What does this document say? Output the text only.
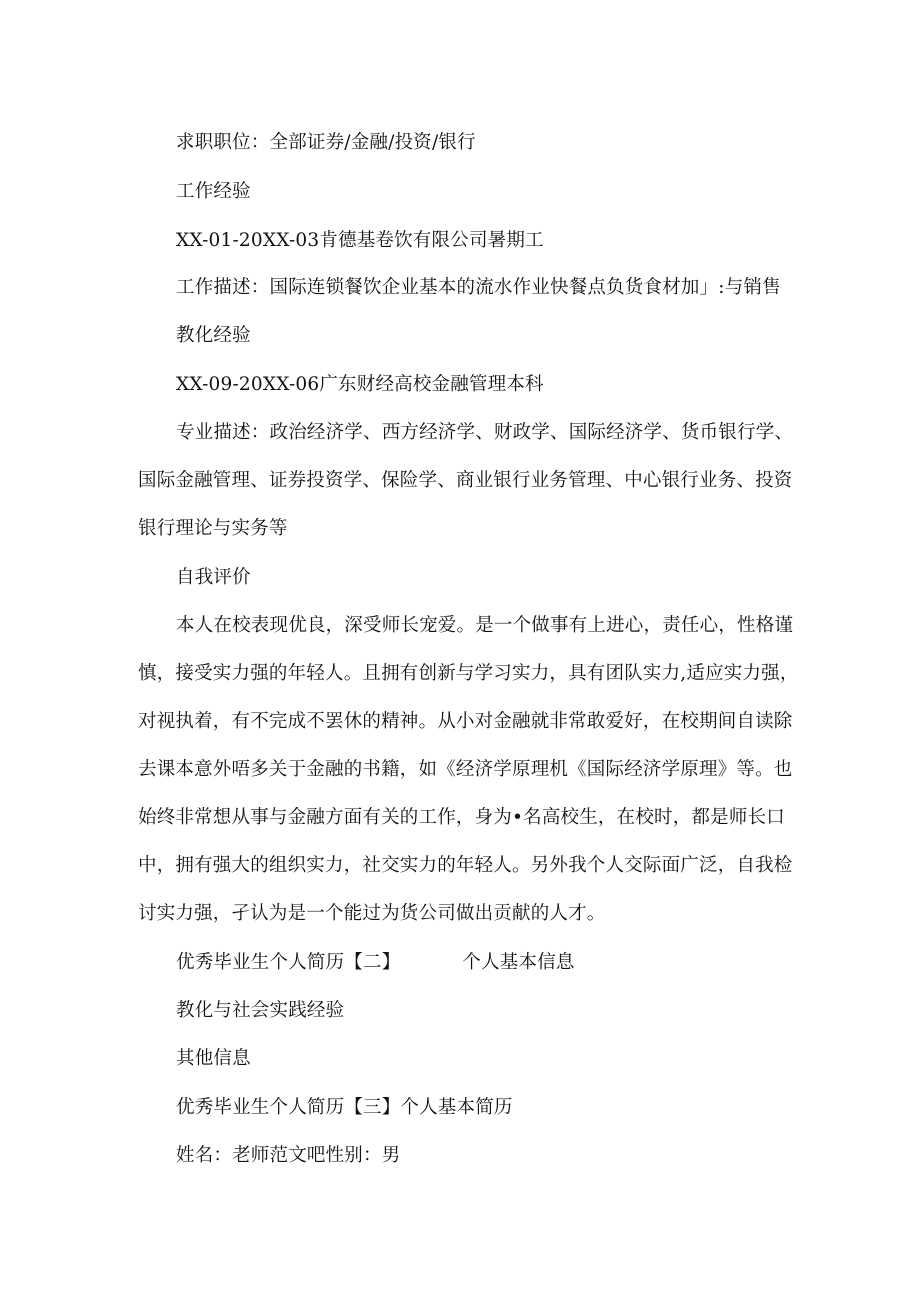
求职职位：全部证券/金融/投资/银行
工作经验
XX-01-20XX-03肯德基卷饮有限公司暑期工
工作描述：国际连锁餐饮企业基本的流水作业快餐点负货食材加」:与销售
教化经验
XX-09-20XX-06广东财经高校金融管理本科
专业描述：政治经济学、西方经济学、财政学、国际经济学、货币银行学、
国际金融管理、证券投资学、保险学、商业银行业务管理、中心银行业务、投资
银行理论与实务等
自我评价
本人在校表现优良，深受师长宠爱。是一个做事有上进心，责任心，性格谨
慎，接受实力强的年轻人。且拥有创新与学习实力，具有团队实力,适应实力强，
对视执着，有不完成不罢休的精神。从小对金融就非常敢爱好，在校期间自读除
去课本意外唔多关于金融的书籍，如《经济学原理机《国际经济学原理》等。也
始终非常想从事与金融方面有关的工作，身为•名高校生，在校时，都是师长口
中，拥有强大的组织实力，社交实力的年轻人。另外我个人交际面广泛，自我检
讨实力强，孑认为是一个能过为货公司做出贡献的人才。
优秀毕业生个人简历【二】	个人基本信息
教化与社会实践经验
其他信息
优秀毕业生个人简历【三】个人基本简历
姓名：老师范文吧性别：男
